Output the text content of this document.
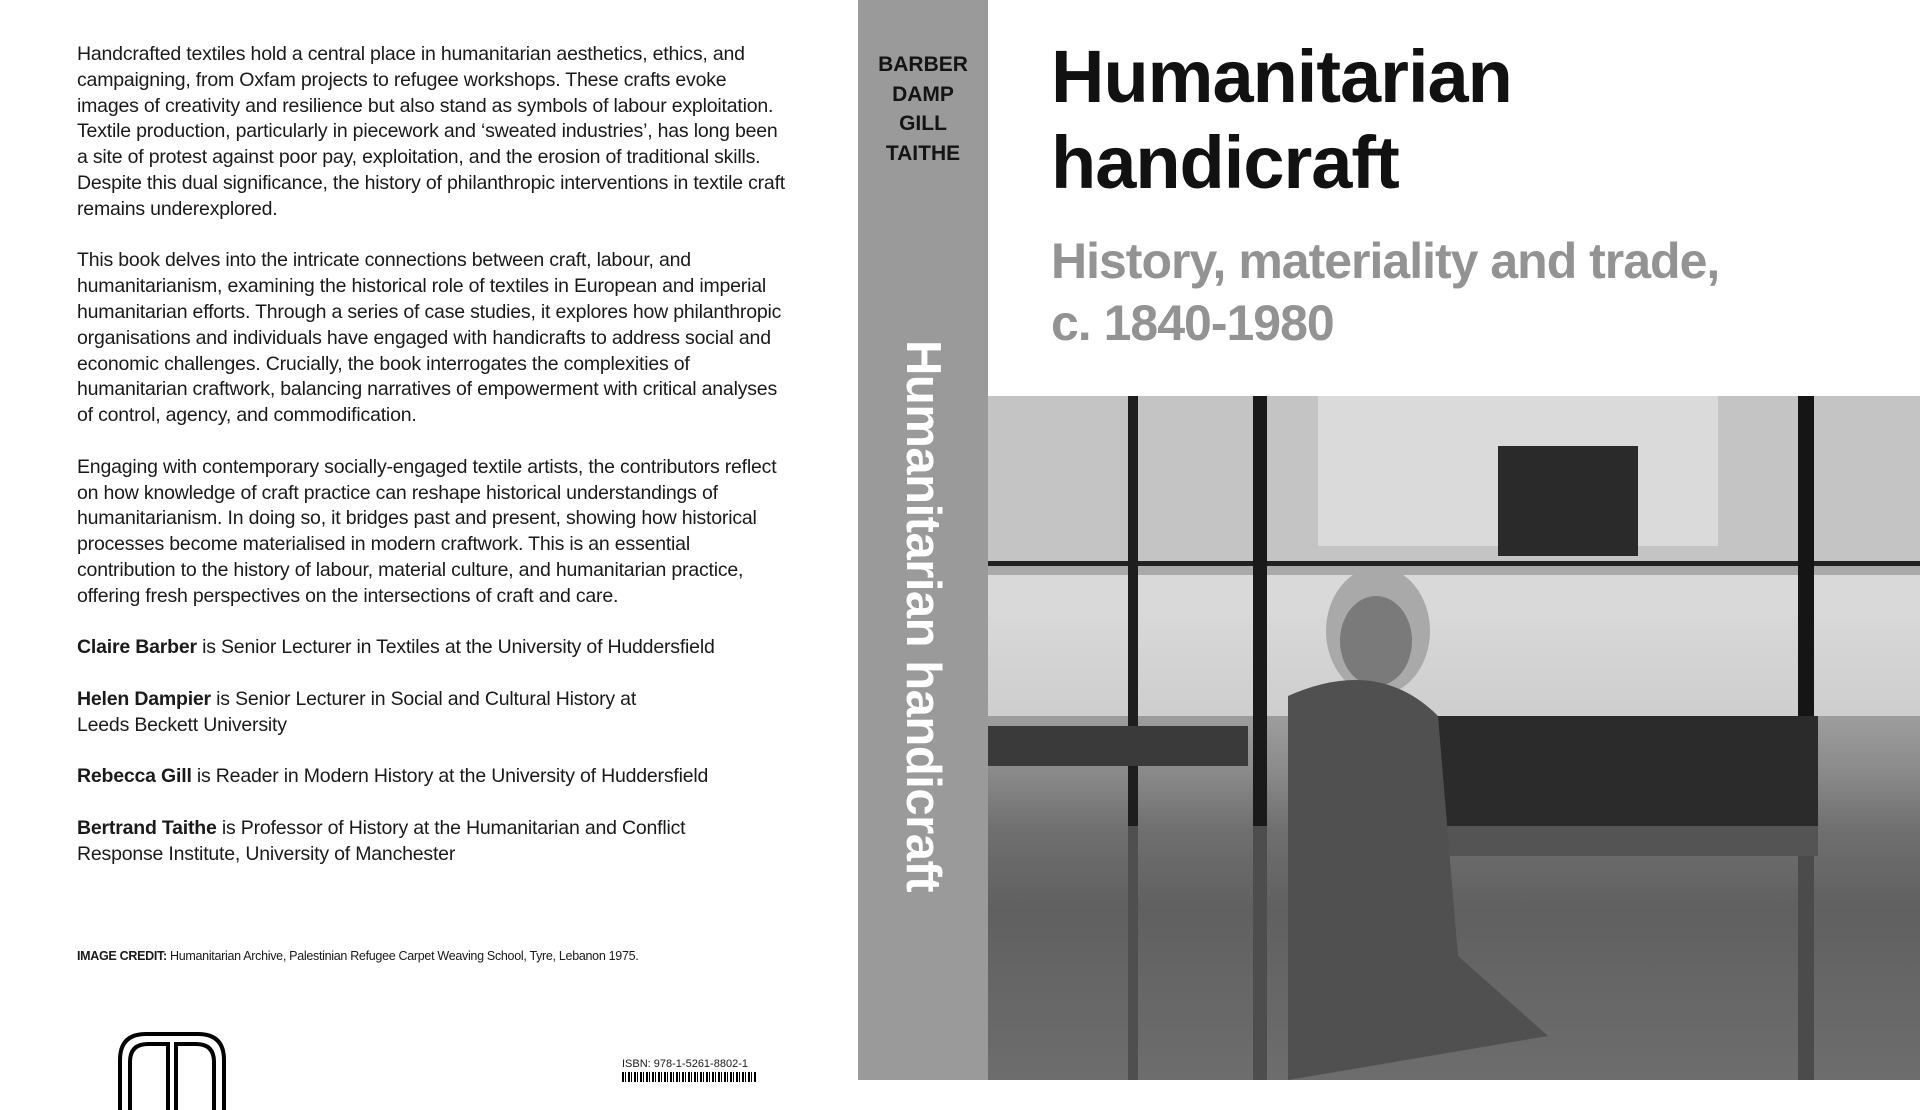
Handcrafted textiles hold a central place in humanitarian aesthetics, ethics, and campaigning, from Oxfam projects to refugee workshops. These crafts evoke images of creativity and resilience but also stand as symbols of labour exploitation. Textile production, particularly in piecework and ‘sweated industries’, has long been a site of protest against poor pay, exploitation, and the erosion of traditional skills. Despite this dual significance, the history of philanthropic interventions in textile craft remains underexplored.

This book delves into the intricate connections between craft, labour, and humanitarianism, examining the historical role of textiles in European and imperial humanitarian efforts. Through a series of case studies, it explores how philanthropic organisations and individuals have engaged with handicrafts to address social and economic challenges. Crucially, the book interrogates the complexities of humanitarian craftwork, balancing narratives of empowerment with critical analyses of control, agency, and commodification.

Engaging with contemporary socially-engaged textile artists, the contributors reflect on how knowledge of craft practice can reshape historical understandings of humanitarianism. In doing so, it bridges past and present, showing how historical processes become materialised in modern craftwork. This is an essential contribution to the history of labour, material culture, and humanitarian practice, offering fresh perspectives on the intersections of craft and care.

Claire Barber is Senior Lecturer in Textiles at the University of Huddersfield

Helen Dampier is Senior Lecturer in Social and Cultural History at Leeds Beckett University

Rebecca Gill is Reader in Modern History at the University of Huddersfield

Bertrand Taithe is Professor of History at the Humanitarian and Conflict Response Institute, University of Manchester

IMAGE CREDIT: Humanitarian Archive, Palestinian Refugee Carpet Weaving School, Tyre, Lebanon 1975.
ISBN: 978-1-5261-8802-1
BARBER
DAMP
GILL
TAITHE
Humanitarian handicraft
Humanitarian
handicraft
History, materiality and trade,
c. 1840-1980
